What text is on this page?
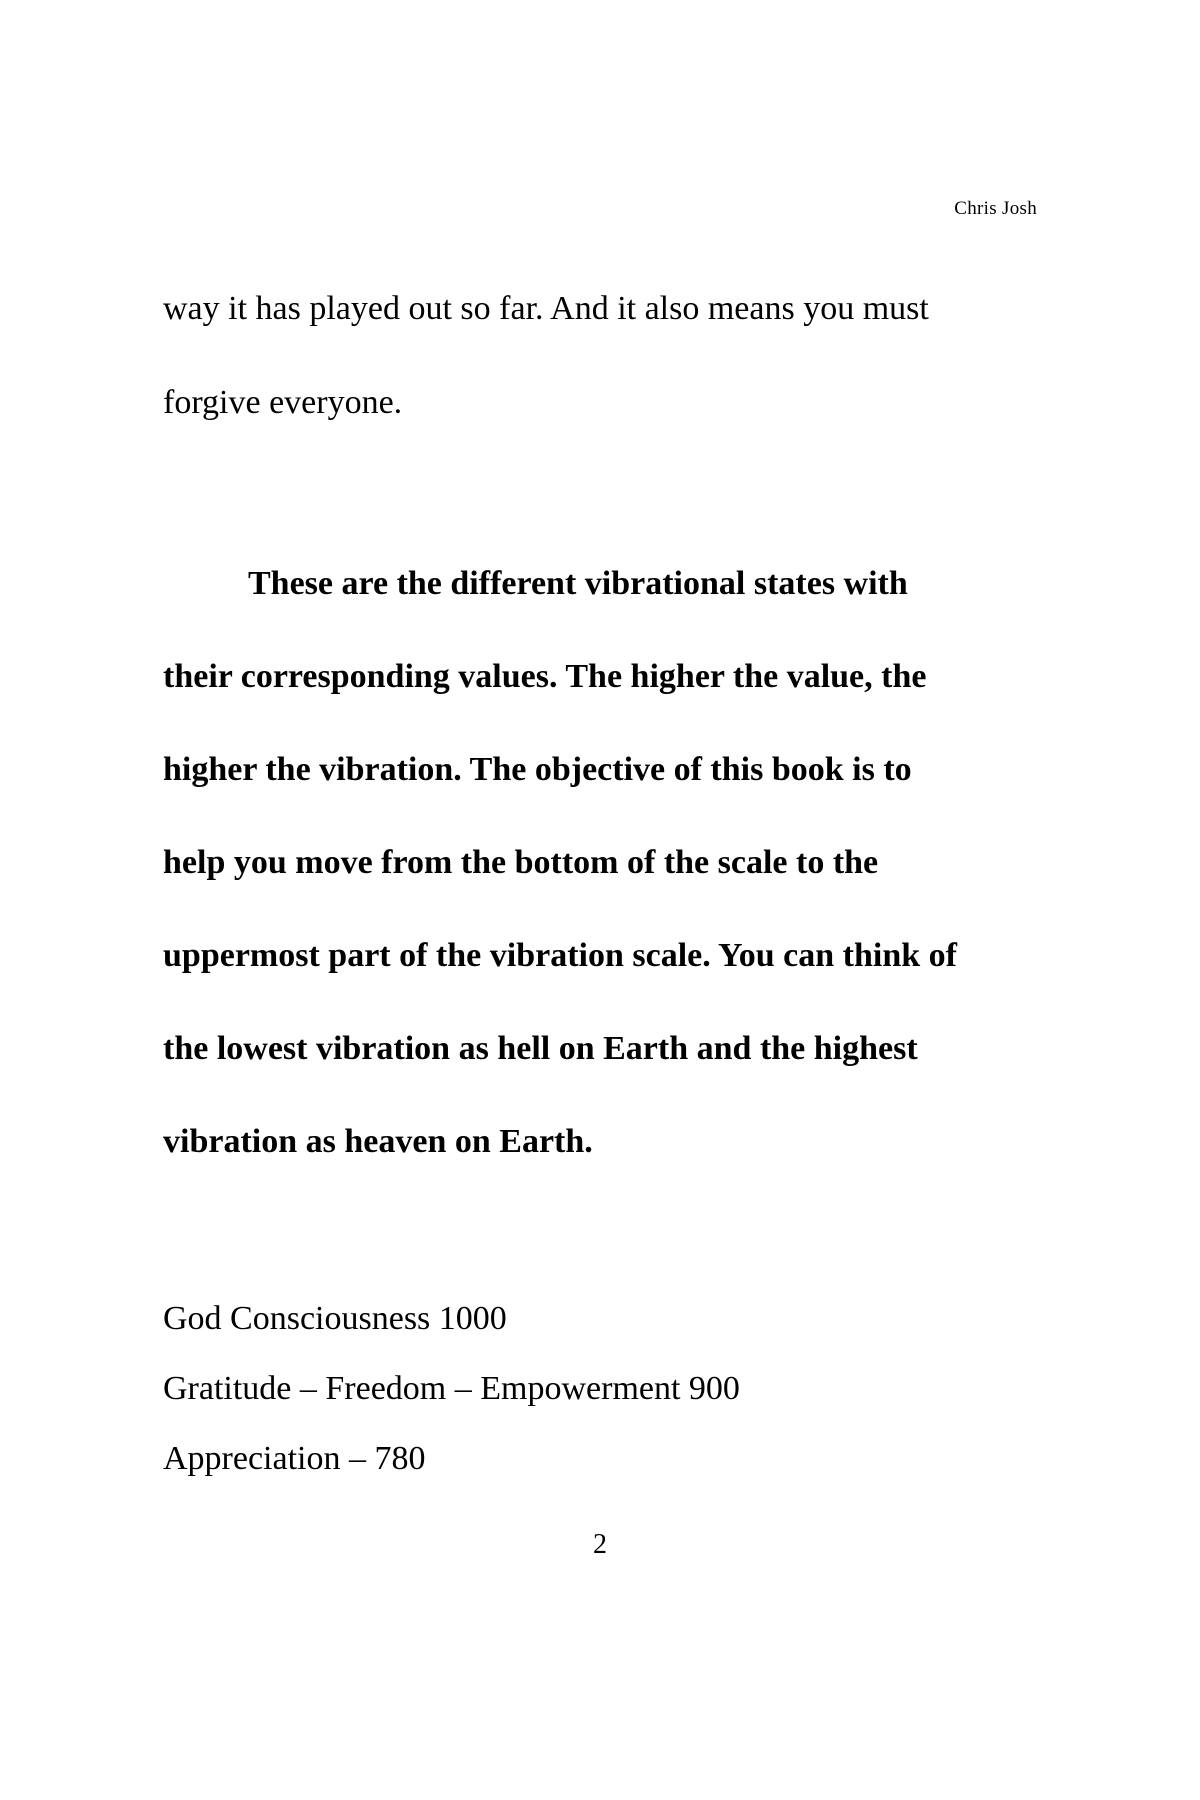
Chris Josh
way it has played out so far. And it also means you must
forgive everyone.
These are the different vibrational states with
their corresponding values. The higher the value, the
higher the vibration. The objective of this book is to
help you move from the bottom of the scale to the
uppermost part of the vibration scale. You can think of
the lowest vibration as hell on Earth and the highest
vibration as heaven on Earth.
God Consciousness 1000
Gratitude – Freedom – Empowerment 900
Appreciation – 780
2
